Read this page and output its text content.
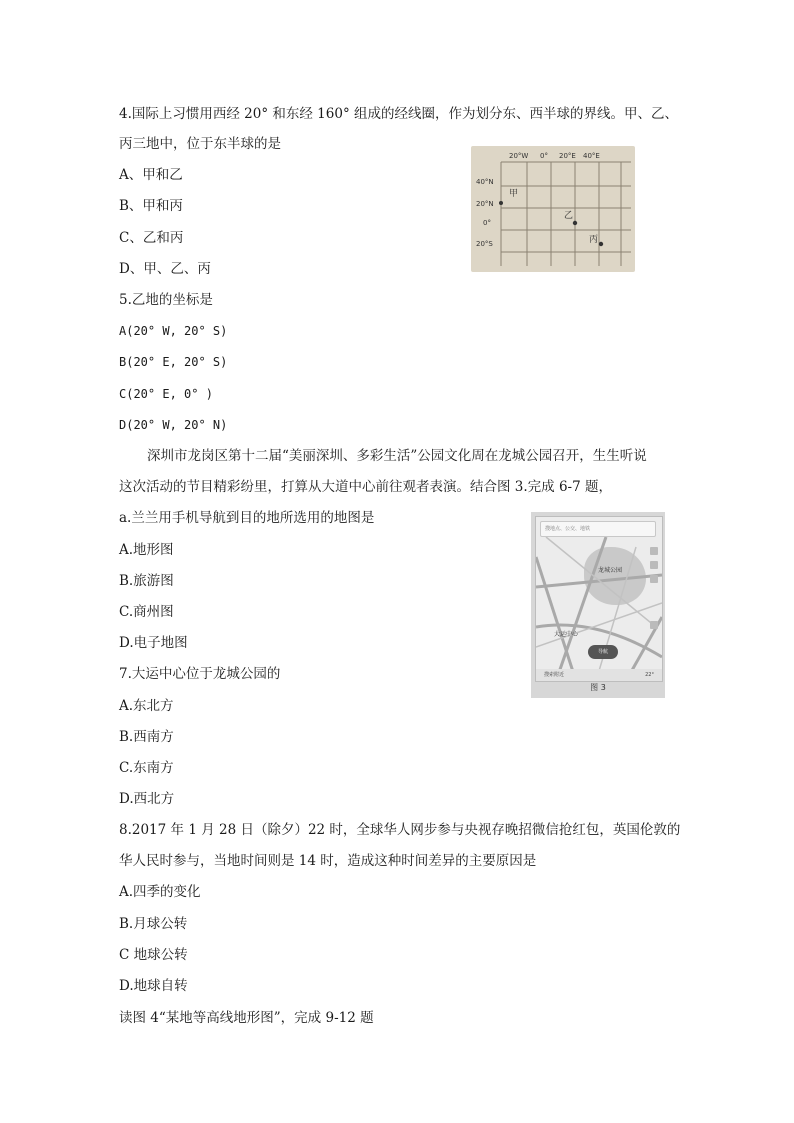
4.国际上习惯用西经 20° 和东经 160° 组成的经线圈，作为划分东、西半球的界线。甲、乙、
丙三地中，位于东半球的是
A、甲和乙
B、甲和丙
C、乙和丙
D、甲、乙、丙
20°W 0° 20°E 40°E
40°N
20°N
0°
20°S
甲
乙
丙
5.乙地的坐标是
A(20° W, 20° S)
B(20° E, 20° S)
C(20° E, 0° )
D(20° W, 20° N)
深圳市龙岗区第十二届“美丽深圳、多彩生活”公园文化周在龙城公园召开，生生听说
这次活动的节目精彩纷里，打算从大道中心前往观者表演。结合图 3.完成 6-7 题，
a.兰兰用手机导航到目的地所选用的地图是
A.地形图
B.旅游图
C.商州图
D.电子地图
搜地点、公交、地铁
龙城公园
大运中心
导航
搜索附近	22°
图 3
7.大运中心位于龙城公园的
A.东北方
B.西南方
C.东南方
D.西北方
8.2017 年 1 月 28 日（除夕）22 时，全球华人网步参与央视存晚招微信抢红包，英国伦敦的
华人民时参与，当地时间则是 14 时，造成这种时间差异的主要原因是
A.四季的变化
B.月球公转
C 地球公转
D.地球自转
读图 4“某地等高线地形图”，完成 9-12 题
